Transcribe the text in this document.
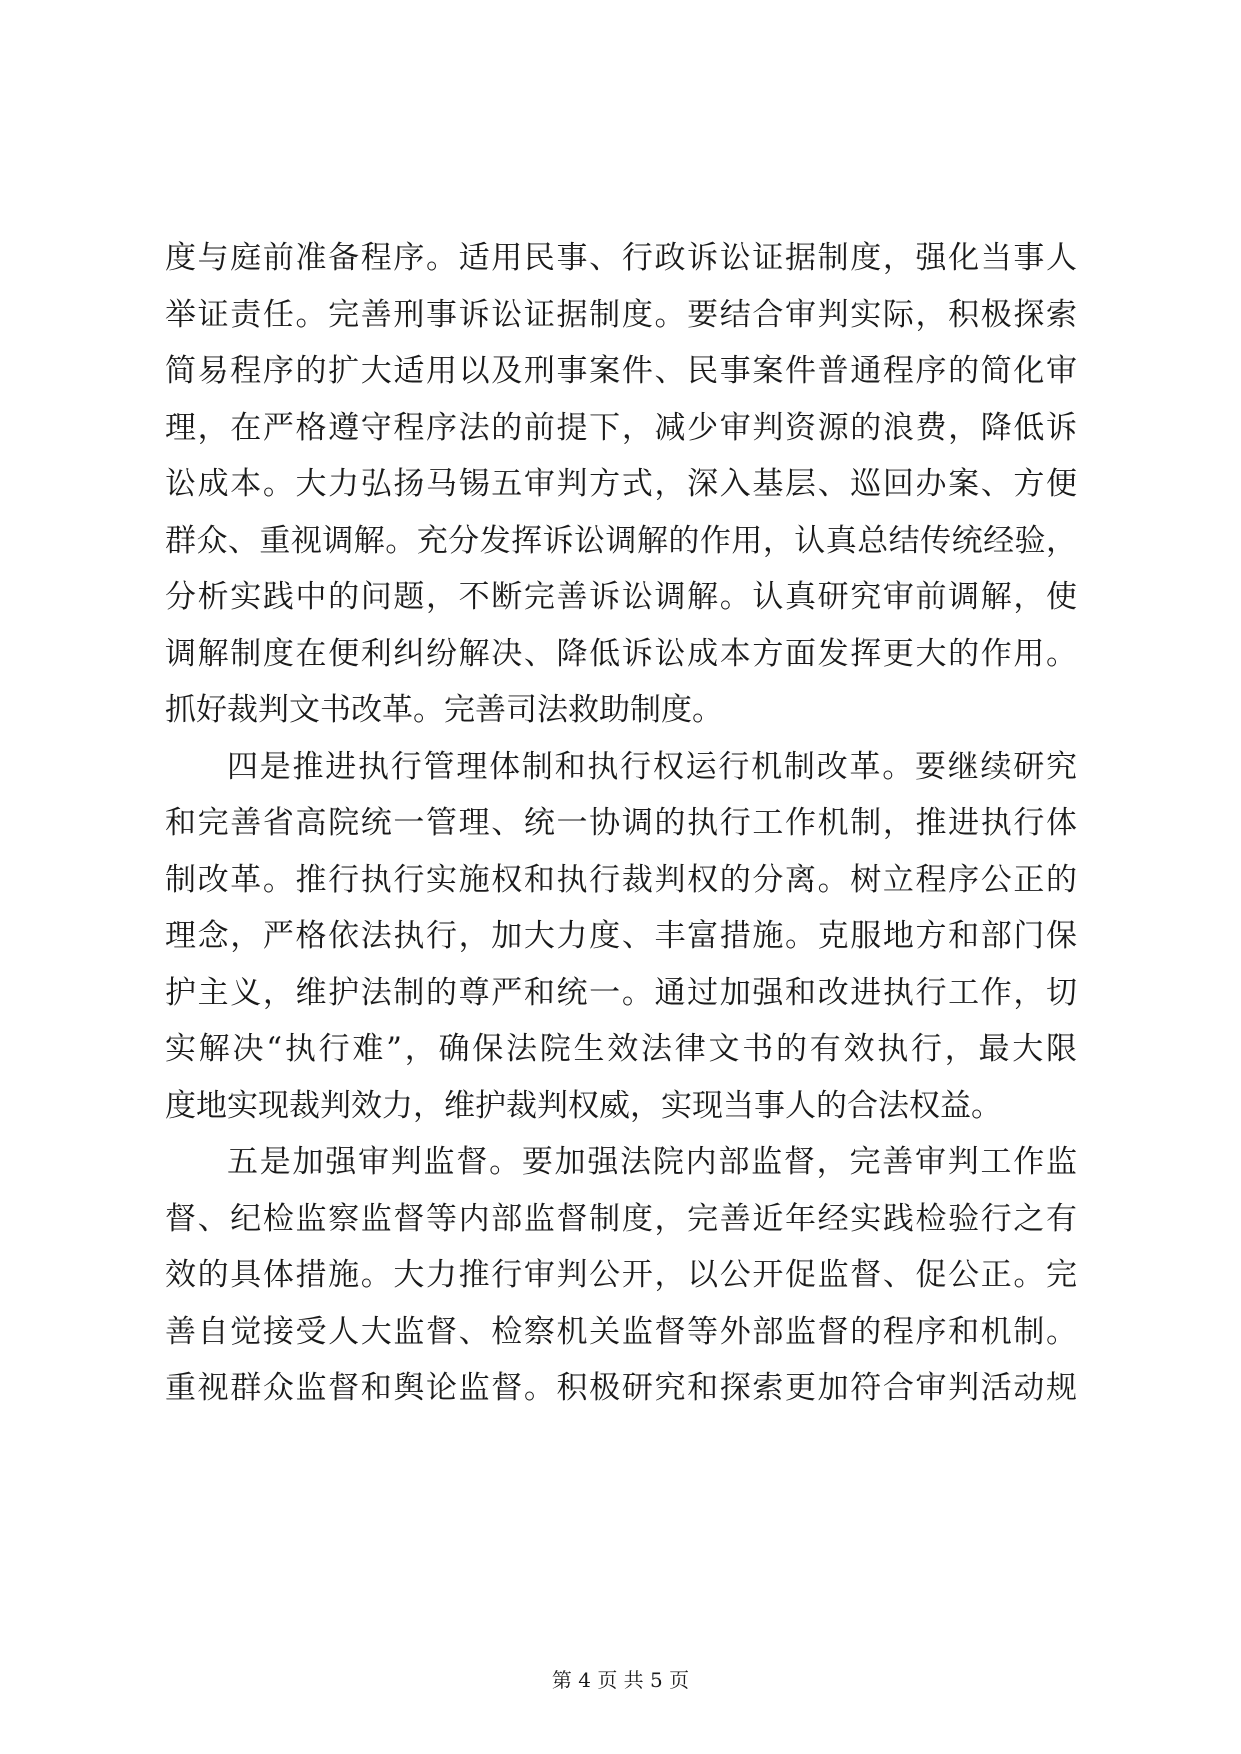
度与庭前准备程序。适用民事、行政诉讼证据制度，强化当事人
举证责任。完善刑事诉讼证据制度。要结合审判实际，积极探索
简易程序的扩大适用以及刑事案件、民事案件普通程序的简化审
理，在严格遵守程序法的前提下，减少审判资源的浪费，降低诉
讼成本。大力弘扬马锡五审判方式，深入基层、巡回办案、方便
群众、重视调解。充分发挥诉讼调解的作用，认真总结传统经验，
分析实践中的问题，不断完善诉讼调解。认真研究审前调解，使
调解制度在便利纠纷解决、降低诉讼成本方面发挥更大的作用。
抓好裁判文书改革。完善司法救助制度。
四是推进执行管理体制和执行权运行机制改革。要继续研究
和完善省高院统一管理、统一协调的执行工作机制，推进执行体
制改革。推行执行实施权和执行裁判权的分离。树立程序公正的
理念，严格依法执行，加大力度、丰富措施。克服地方和部门保
护主义，维护法制的尊严和统一。通过加强和改进执行工作，切
实解决“执行难”，确保法院生效法律文书的有效执行，最大限
度地实现裁判效力，维护裁判权威，实现当事人的合法权益。
五是加强审判监督。要加强法院内部监督，完善审判工作监
督、纪检监察监督等内部监督制度，完善近年经实践检验行之有
效的具体措施。大力推行审判公开，以公开促监督、促公正。完
善自觉接受人大监督、检察机关监督等外部监督的程序和机制。
重视群众监督和舆论监督。积极研究和探索更加符合审判活动规
第 4 页 共 5 页
